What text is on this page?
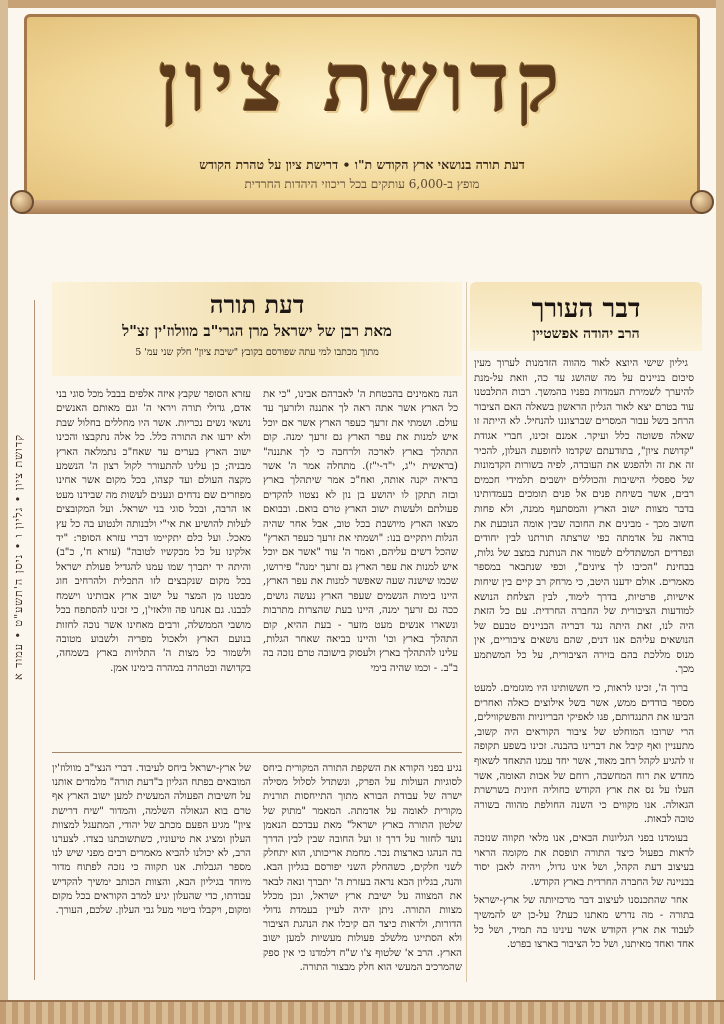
קדושת ציון
דעת תורה בנושאי ארץ הקודש ת"ו • דרישת ציון על טהרת הקודש
מופץ ב-6,000 עותקים בכל ריכוזי היהדות החרדית
דבר העורך
הרב יהודה אפשטיין

גיליון שישי היוצא לאור מהווה הזדמנות לערוך מעין סיכום בניינים על מה שהושג עד כה, וזאת על-מנת להיערך לשמירת העמדות בפניו בהמשך. רבות התלבטנו עוד בטרם יצא לאור הגליון הראשון בשאלה האם הציבור הרחב בשל עבור המסרים שברצוננו להנחיל. לא הייתה זו שאלה פשוטה כלל ועיקר. אמנם זכינו, חברי אגודת "קדושת ציון", בתודעתם שקדמו לחופעת העלון, להכיר זה את זה ולהפגש את העובדה, לפיה בשורות הקדמונות של ספסלי הישיבות והכוללים יושבים תלמידי חכמים רבים, אשר בשיחת פנים אל פנים תומכים בעמדותינו בדבר מצוות ישוב הארץ והמסתעף ממנה, ולא פחות חשוב מכך - מבינים את החובה שבין אומה הנובעת את בוראה על אדמתה כפי שרצתה תורתנו לבין יחודים ונפרדים המשתדלים לשמור את הנותנת במצב של גלות, בבחינת "הכיבו לך ציונים", וכפי שנתבאר במספר מאמרים. אולם ידענו היטב, כי מרחק רב קיים בין שיחות אישיות, פרטיות, בדרך לימוד, לבין הצלחת הנושא למודעות הציבורית של החברה החרדית. עם כל הזאת היה לנו, זאת היתה נגד דבריה הבניינים טבעם של הנושאים עליהם אנו דנים, שהם נושאים ציבוריים, אין מנוס מללכת בהם בזירה הציבורית, על כל המשתמע מכך.

ברוך ה', זכינו לראות, כי חששותינו היו מוגזמים. למעט מספר בודדים ממש, אשר בשל אילוצים כאלה ואחרים הביעו את התנגדותם, פגו לאפיקי הבריוניות והפשקווילים, הרי שרובו המוחלט של ציבור הקוראים היה קשוב, מתעניין ואף קיבל את דברינו בהבנה. זכינו בשפע תקופה זו להגיע לקהל רחב מאוד, אשר יחד עמנו התאחד לשאוף מחדש את רוח המחשבה, רוחם של אבות האומה, אשר העלו על נס את ארץ הקודש כחוליה חיונית בשרשרת הגאולה. אנו מקווים כי השנה החולפת מהווה בשורה טובה לבאות.

בעומדנו בפני הגליונות הבאים, אנו מלאי תקווה שנזכה לראות בפעול כיצד התורה תופסת את מקומה הראוי בעיצוב דעת הקהל, ושל אינו גדול, ויהיה לאבן יסוד בבניינה של החברה החרדית בארץ הקודש.

אחר שהתכנסנו לעיצוב דבר מרכזיותה של ארץ-ישראל בתורה - מה נדרש מאתנו כעת? על-כן יש להמשיך לעבוד את ארץ הקודש אשר עינינו בה תמיד, ושל כל אחד ואחד מאיתנו, ושל כל הציבור בארצו בפרט.

דעת תורה
מאת רבן של ישראל מרן הגרי"ב מוולוז'ין זצ"ל
מתוך מכתבו למי עתה שפורסם בקובץ "שיבת ציון" חלק שני עמ' 5
הנה מאמינים בהבטחת ה' לאברהם אבינו, "כי את כל הארץ אשר אתה ראה לך אתננה ולזרעך עד עולם. ושמתי את זרעך כעפר הארץ אשר אם יוכל איש למנות את עפר הארץ גם זרעך ימנה. קום התהלך בארץ לארכה ולרחבה כי לך אתננה" (בראשית י"ג, י"ד-י"ז). מתחלה אמר ה' אשר בראיה יקנה אותה, ואח"כ אמר שיתהלך בארץ ובזה תתקן לו יהושע בן נון לא נצטוו להקדים פעולתם ולעשות ישוב הארץ טרם בואם. ובבואם מצאו הארץ מיושבת בכל טוב, אבל אחר שהיה הגלות ויתקיים בנו: "ושמתי את זרעך כעפר הארץ" שהכל דשים עליהם, ואמר ה' עוד "אשר אם יוכל איש למנות את עפר הארץ גם זרעך ימנה" פירושו, שכמו שישנה שעה שאפשר למנות את עפר הארץ, היינו בימות הגשמים שעפר הארץ נעשה גושים, ככה גם זרעך ימנה, היינו בעת שהצרות מתרבות ונשארו אנשים מעט מזער - בעת ההיא, קום התהלך בארץ וכו' והיינו בביאה שאחר הגלות, עלינו להתהלך בארץ ולעסוק בישובה טרם נזכה בה ב"ב. - וכמו שהיה בימי
עזרא הסופר שקבץ איזה אלפים בבבל מכל סוגי בני אדם, גדולי תורה ויראי ה' וגם מאותם האנשים נושאי נשים נכריות. אשר היו מחללים בחלול שבת ולא ידעו את התורה כלל. כל אלה נתקבצו והכינו ישוב הארץ בערים עד שאח"כ נתמלאה הארץ מבניה; כן עלינו להתעורר לקול רצון ה' הנשמע מקצה העולם ועד קצהו, בכל מקום אשר אחינו מפוזרים שם נדחים ונענים לעשות מה שבידנו מעט או הרבה, ובכל סוגי בני ישראל. ועל המקובצים לעלות להושיע את אי"י ולבנותה ולנטוע בה כל עץ מאכל. ועל כלם יתקיימו דברי עזרא הסופר: "יד אלקינו על כל מבקשיו לטובה" (עזרא ח', כ"ב) והיתה יד יתברך שמו עמנו להגדיל פעולת ישראל בכל מקום שנקבצים לזו התכלית ולהרחיב חוג מבטנו מן המצר על ישוב ארץ אבותינו וישמח לבבנו. גם אנחנו פה וולאזי'ן, כי זכינו להסתפח בכל מושבי הממשלה, ורבים מאחינו אשר נוכה לחזות בנועם הארץ ולאכול מפריה ולשבוע מטובה ולשמור כל מצות ה' התלויות בארץ בשמחה, בקדושה ובטהרה במהרה בימינו אמן.
נגיע בפני הקורא את השקפת התורה המקורית ביחס לסוגיות העולות על הפרק, ונשתדל לסלול מסילה ישרה של עבודת הבורא מתוך התייחסות תורנית מקורית לאומה על אדמתה. המאמר "מתוק של שלטון התורה בארץ ישראל" מאת עבדכם הנאמן נועד לחזור על דרך זו ועל החובה שבין לבין הדרך בה הנהגו בארצות נכר. מחמת אריכותו, הוא יתחלק לשני חלקים, כשהחלק השני יפורסם בגליון הבא. והנה, בגליון הבא נראה בעזרת ה' יתברך ונאה לבאר את המצווה על ישיבת ארץ ישראל, ונכן מכלל מצוות התורה. ניתן יהיה לעיין בעמדת גדולי הדורות, ולראות כיצד הם קיבלו את הנהגת הציבור ולא הסתייגו מלשלב פעולות מעשיות למען ישוב הארץ. הרב א' שלטוף צ'ו ש"ח דלמדנו כי אין ספק שהמרכיב המעשי הוא חלק מבצור התורה.
של ארץ-ישראל ביחס לעיבוד. דברי הנצי"ב מוולוז'ין המובאים בפתח הגליון ב"דעת תורה" מלמדים אותנו על חשיבות הפעולה המעשית למען ישוב הארץ אף טרם בוא הגאולה השלמה, והמדור "שיח דרישת ציון" מגיע הפעם מכתב של יהודי, המתעגל למצוות העלון ומציג את טיעוניו, כשתשובתנו בצדו. לצערנו הרב, לא יכולנו להביא מאמרים רבים מפני שיש לנו מספר הגבלות. אנו תקווה כי נזכה לפתוח מדור מיוחד בגיליון הבא, והצוות הכותב ימשיך להקדיש עבודתו, כדי שהעלון יגיע למרב הקוראים בכל מקום ומקום, ויקבלו ביטוי מעל גבי העלון. שלכם, העורך.
קדושת ציון • גליון ו • ניסן ה'תשע"ט • עמוד א
